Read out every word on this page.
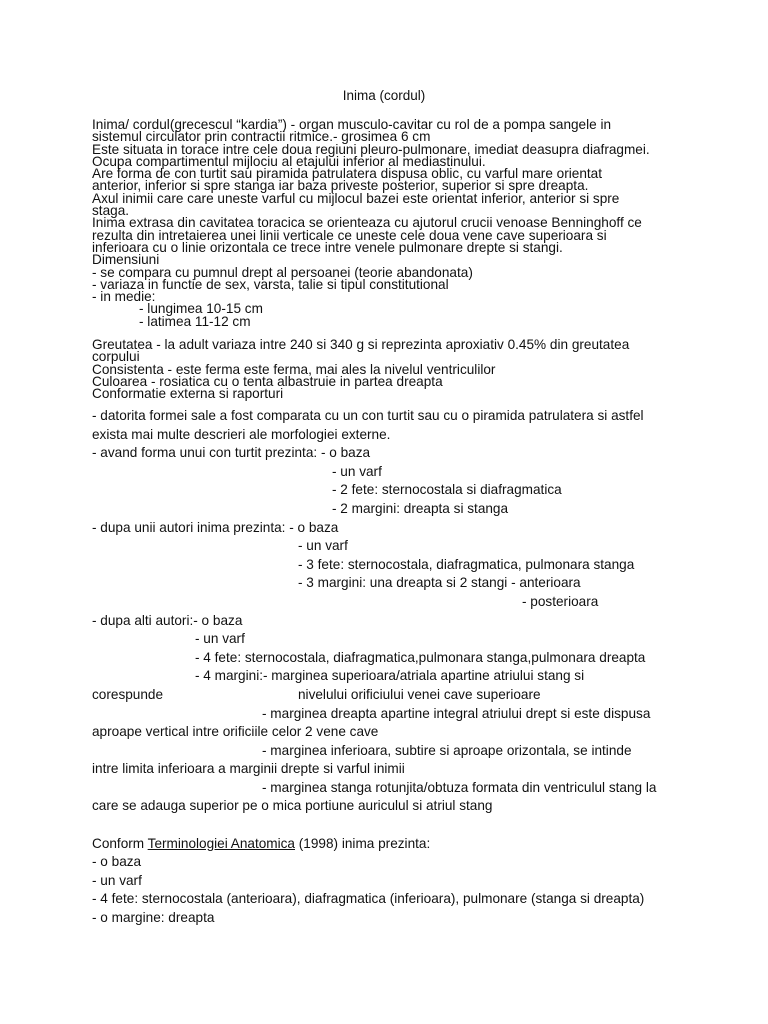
Inima (cordul)
Inima/ cordul(grecescul “kardia”) - organ musculo-cavitar cu rol de a pompa sangele in
sistemul circulator prin contractii ritmice.- grosimea 6 cm
Este situata in torace intre cele doua regiuni pleuro-pulmonare, imediat deasupra diafragmei.
Ocupa compartimentul mijlociu al etajului inferior al mediastinului.
Are forma de con turtit sau piramida patrulatera dispusa oblic, cu varful mare orientat
anterior, inferior si spre stanga iar baza priveste posterior, superior si spre dreapta.
Axul inimii care care uneste varful cu mijlocul bazei este orientat inferior, anterior si spre
staga.
Inima extrasa din cavitatea toracica se orienteaza cu ajutorul crucii venoase Benninghoff ce
rezulta din intretaierea unei linii verticale ce uneste cele doua vene cave superioara si
inferioara cu o linie orizontala ce trece intre venele pulmonare drepte si stangi.
Dimensiuni
- se compara cu pumnul drept al persoanei (teorie abandonata)
- variaza in functie de sex, varsta, talie si tipul constitutional
- in medie:
- lungimea 10-15 cm
- latimea 11-12 cm
Greutatea - la adult variaza intre 240 si 340 g si reprezinta aproxiativ 0.45% din greutatea
corpului
Consistenta - este ferma este ferma, mai ales la nivelul ventriculilor
Culoarea - rosiatica cu o tenta albastruie in partea dreapta
Conformatie externa si raporturi
- datorita formei sale a fost comparata cu un con turtit sau cu o piramida patrulatera si astfel
exista mai multe descrieri ale morfologiei externe.
- avand forma unui con turtit prezinta: - o baza
- un varf
- 2 fete: sternocostala si diafragmatica
- 2 margini: dreapta si stanga
- dupa unii autori inima prezinta: - o baza
- un varf
- 3 fete: sternocostala, diafragmatica, pulmonara stanga
- 3 margini: una dreapta si 2 stangi - anterioara
- posterioara
- dupa alti autori:- o baza
- un varf
- 4 fete: sternocostala, diafragmatica,pulmonara stanga,pulmonara dreapta
- 4 margini:- marginea superioara/atriala apartine atriului stang si
corespunde	nivelului orificiului venei cave superioare
- marginea dreapta apartine integral atriului drept si este dispusa
aproape vertical intre orificiile celor 2 vene cave
- marginea inferioara, subtire si aproape orizontala, se intinde
intre limita inferioara a marginii drepte si varful inimii
- marginea stanga rotunjita/obtuza formata din ventriculul stang la
care se adauga superior pe o mica portiune auriculul si atriul stang
Conform Terminologiei Anatomica (1998) inima prezinta:
- o baza
- un varf
- 4 fete: sternocostala (anterioara), diafragmatica (inferioara), pulmonare (stanga si dreapta)
- o margine: dreapta
